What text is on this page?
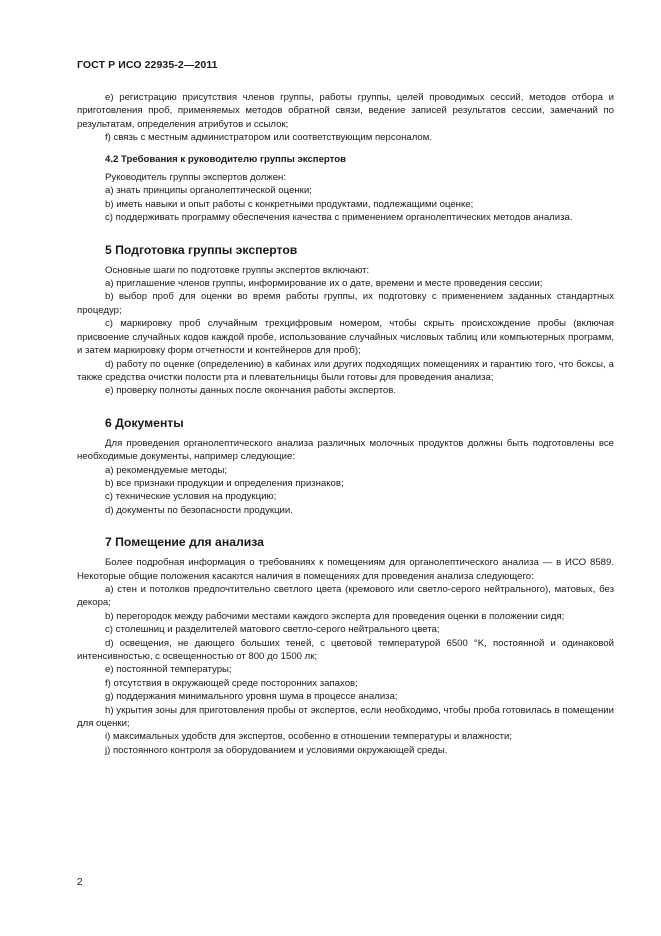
ГОСТ Р ИСО 22935-2—2011

e) регистрацию присутствия членов группы, работы группы, целей проводимых сессий, методов отбора и приготовления проб, применяемых методов обратной связи, ведение записей результатов сессии, замечаний по результатам, определения атрибутов и ссылок;

f) связь с местным администратором или соответствующим персоналом.

4.2 Требования к руководителю группы экспертов

Руководитель группы экспертов должен:

a) знать принципы органолептической оценки;

b) иметь навыки и опыт работы с конкретными продуктами, подлежащими оценке;

c) поддерживать программу обеспечения качества с применением органолептических методов анализа.

5 Подготовка группы экспертов

Основные шаги по подготовке группы экспертов включают:

a) приглашение членов группы, информирование их о дате, времени и месте проведения сессии;

b) выбор проб для оценки во время работы группы, их подготовку с применением заданных стандартных процедур;

c) маркировку проб случайным трехцифровым номером, чтобы скрыть происхождение пробы (включая присвоение случайных кодов каждой пробе, использование случайных числовых таблиц или компьютерных программ, и затем маркировку форм отчетности и контейнеров для проб);

d) работу по оценке (определению) в кабинах или других подходящих помещениях и гарантию того, что боксы, а также средства очистки полости рта и плевательницы были готовы для проведения анализа;

e) проверку полноты данных после окончания работы экспертов.

6 Документы

Для проведения органолептического анализа различных молочных продуктов должны быть подготовлены все необходимые документы, например следующие:

a) рекомендуемые методы;

b) все признаки продукции и определения признаков;

c) технические условия на продукцию;

d) документы по безопасности продукции.

7 Помещение для анализа

Более подробная информация о требованиях к помещениям для органолептического анализа — в ИСО 8589. Некоторые общие положения касаются наличия в помещениях для проведения анализа следующего:

a) стен и потолков предпочтительно светлого цвета (кремового или светло-серого нейтрального), матовых, без декора;

b) перегородок между рабочими местами каждого эксперта для проведения оценки в положении сидя;

c) столешниц и разделителей матового светло-серого нейтрального цвета;

d) освещения, не дающего больших теней, с цветовой температурой 6500 °K, постоянной и одинаковой интенсивностью, с освещенностью от 800 до 1500 лк;

e) постоянной температуры;

f) отсутствия в окружающей среде посторонних запахов;

g) поддержания минимального уровня шума в процессе анализа;

h) укрытия зоны для приготовления пробы от экспертов, если необходимо, чтобы проба готовилась в помещении для оценки;

i) максимальных удобств для экспертов, особенно в отношении температуры и влажности;

j) постоянного контроля за оборудованием и условиями окружающей среды.

2
